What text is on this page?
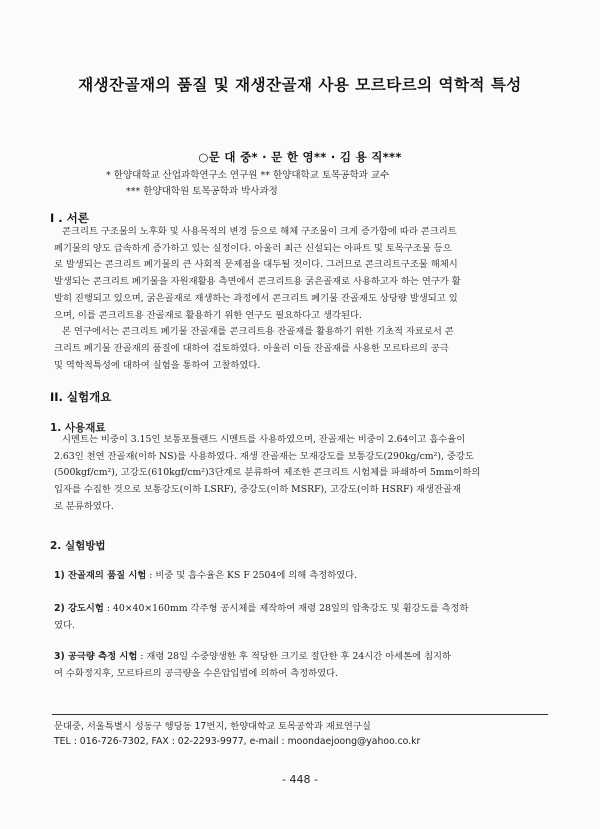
재생잔골재의 품질 및 재생잔골재 사용 모르타르의 역학적 특성
○문 대 중* · 문 한 영** · 김 용 직***
* 한양대학교 산업과학연구소 연구원 ** 한양대학교 토목공학과 교수
*** 한양대학원 토목공학과 박사과정
I . 서론
콘크리트 구조물의 노후화 및 사용목적의 변경 등으로 해체 구조물이 크게 증가함에 따라 콘크리트
폐기물의 양도 급속하게 증가하고 있는 실정이다. 아울러 최근 신설되는 아파트 및 토목구조물 등으
로 발생되는 콘크리트 폐기물의 큰 사회적 문제점을 대두될 것이다. 그러므로 콘크리트구조물 해체시
발생되는 콘크리트 폐기물을 자원재활용 측면에서 콘크리트용 굵은골재로 사용하고자 하는 연구가 활
발히 진행되고 있으며, 굵은골재로 재생하는 과정에서 콘크리트 폐기물 잔골재도 상당량 발생되고 있
으며, 이를 콘크리트용 잔골재로 활용하기 위한 연구도 필요하다고 생각된다.
본 연구에서는 콘크리트 폐기물 잔골재를 콘크리트용 잔골재를 활용하기 위한 기초적 자료로서 콘
크리트 폐기물 잔골재의 품질에 대하여 검토하였다. 아울러 이들 잔골재를 사용한 모르타르의 공극
및 역학적특성에 대하여 실험을 통하여 고찰하였다.
II. 실험개요
1. 사용재료
시멘트는 비중이 3.15인 보통포틀랜드 시멘트를 사용하였으며, 잔골재는 비중이 2.64이고 흡수율이
2.63인 천연 잔골재(이하 NS)를 사용하였다. 재생 잔골재는 모재강도를 보통강도(290kg/cm²), 중강도
(500kgf/cm²), 고강도(610kgf/cm²)3단계로 분류하여 제조한 콘크리트 시험체를 파쇄하여 5mm이하의
입자를 수집한 것으로 보통강도(이하 LSRF), 중강도(이하 MSRF), 고강도(이하 HSRF) 재생잔골재
로 분류하였다.
2. 실험방법
1) 잔골재의 품질 시험 : 비중 및 흡수율은 KS F 2504에 의해 측정하였다.
2) 강도시험 : 40×40×160mm 각주형 공시체를 제작하여 재령 28일의 압축강도 및 휨강도를 측정하
였다.
3) 공극량 측정 시험 : 재령 28일 수중양생한 후 적당한 크기로 절단한 후 24시간 아세톤에 침지하
여 수화정지후, 모르타르의 공극량을 수은압입법에 의하여 측정하였다.
문대중, 서울특별시 성동구 행당동 17번지, 한양대학교 토목공학과 재료연구실
TEL : 016-726-7302, FAX : 02-2293-9977, e-mail : moondaejoong@yahoo.co.kr
- 448 -
